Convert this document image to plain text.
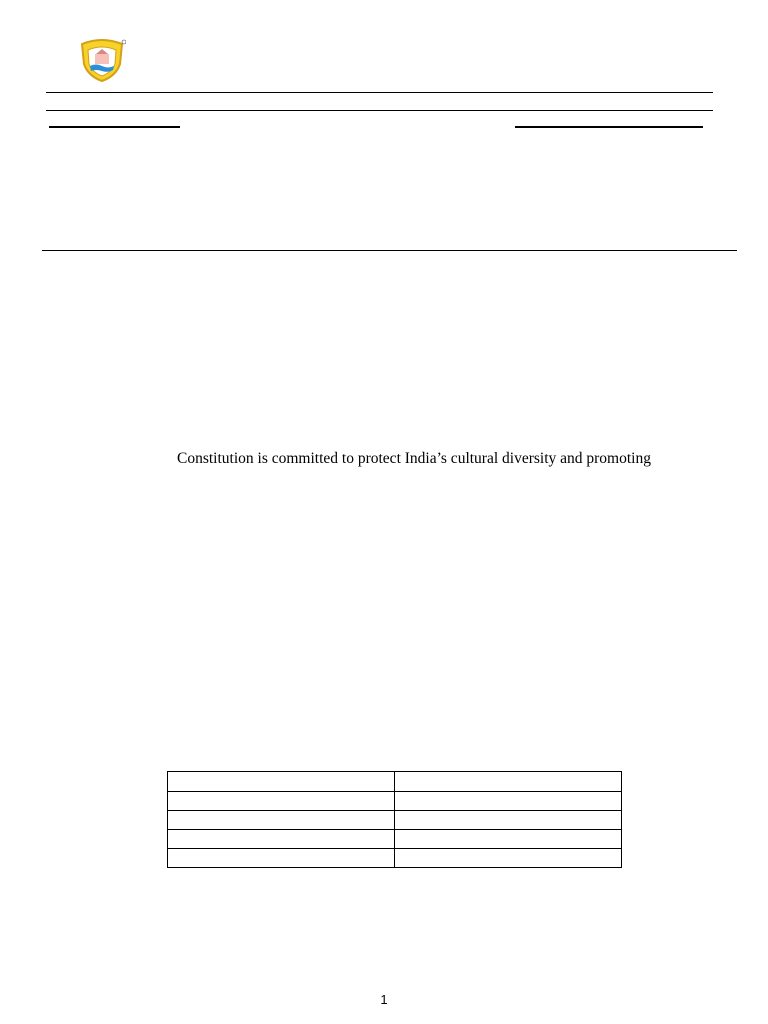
Constitution is committed to protect India’s cultural diversity and promoting

1
